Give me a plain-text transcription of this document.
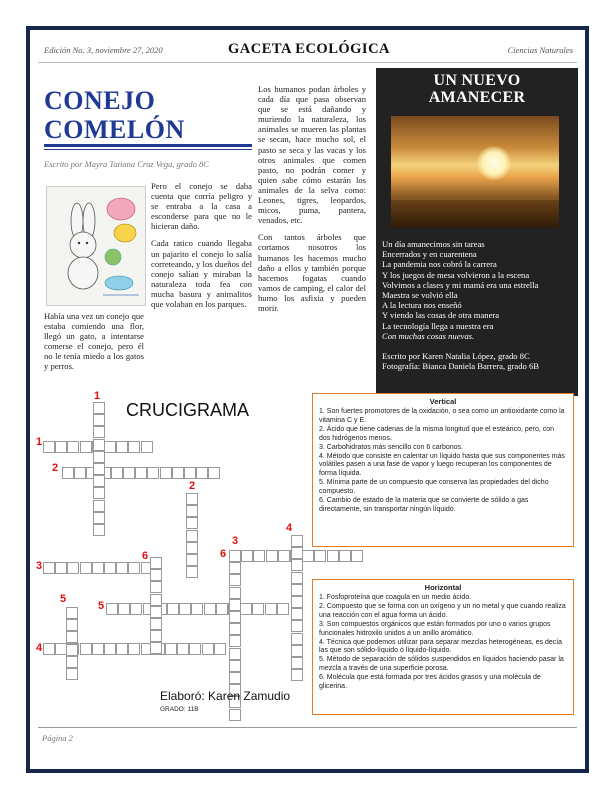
Edición No. 3, noviembre 27, 2020	GACETA ECOLÓGICA	Ciencias Naturales
CONEJO
COMELÓN
Escrito por Mayra Tatiana Cruz Vega, grado 8C
Había una vez un conejo que estaba comiendo una flor, llegó un gato, a intentarse comerse el conejo, pero él no le tenía miedo a los gatos y perros.

Pero el conejo se daba cuenta que corría peligro y se entraba a la casa a esconderse para que no le hicieran daño.

Cada ratico cuando llegaba un pajarito el conejo lo salía correteando, y los dueños del conejo salían y miraban la naturaleza toda fea con mucha basura y animalitos que volaban en los parques.

Los humanos podan árboles y cada día que pasa observan que se está dañando y muriendo la naturaleza, los animales se mueren las plantas se secan, hace mucho sol, el pasto se seca y las vacas y los otros animales que comen pasto, no podrán comer y quien sabe cómo estarán los animales de la selva como: Leones, tigres, leopardos, micos, puma, pantera, venados, etc.

Con tantos árboles que cortamos nosotros los humanos les hacemos mucho daño a ellos y también porque hacemos fogatas cuando vamos de camping, el calor del humo los asfixia y pueden morir.

UN NUEVO
AMANECER
Un día amanecimos sin tareas
Encerrados y en cuarentena
La pandemia nos cobró la carrera
Y los juegos de mesa volvieron a la escena
Volvimos a clases y mi mamá era una estrella
Maestra se volvió ella
A la lectura nos enseñó
Y viendo las cosas de otra manera
La tecnología llega a nuestra era
Con muchas cosas nuevas.
Escrito por Karen Natalia López, grado 8C
Fotografía: Bianca Daniela Barrera, grado 6B
CRUCIGRAMA
1
1
2
2
3
3
4
4
5
5
6	6
Elaboró: Karen Zamudio
GRADO: 11B
Vertical
1. Son fuertes promotores de la oxidación, o sea como un antioxidante como la vitamina C y E.
2. Ácido que tiene cadenas de la misma longitud que el esteárico, pero, con dos hidrógenos menos.
3. Carbohidratos más sencillo con 6 carbonos.
4. Método que consiste en calentar un líquido hasta que sus componentes más volátiles pasen a una fase de vapor y luego recuperan los componentes de forma líquida.
5. Mínima parte de un compuesto que conserva las propiedades del dicho compuesto.
6. Cambio de estado de la materia que se convierte de sólido a gas directamente, sin transportar ningún líquido.
Horizontal
1. Fosfoproteína que coagula en un medio ácido.
2. Compuesto que se forma con un oxígeno y un no metal y que cuando realiza una reacción con el agua forma un ácido.
3. Son compuestos orgánicos que están formados por uno o varios grupos funcionales hidroxilo unidos a un anillo aromático.
4. Técnica que podemos utilizar para separar mezclas heterogéneas, es decía las que son sólido-líquido ó líquido-líquido.
5. Método de separación de sólidos suspendidos en líquidos haciendo pasar la mezcla a través de una superficie porosa.
6. Molécula que está formada por tres ácidos grasos y una molécula de glicerina.
Página 2
